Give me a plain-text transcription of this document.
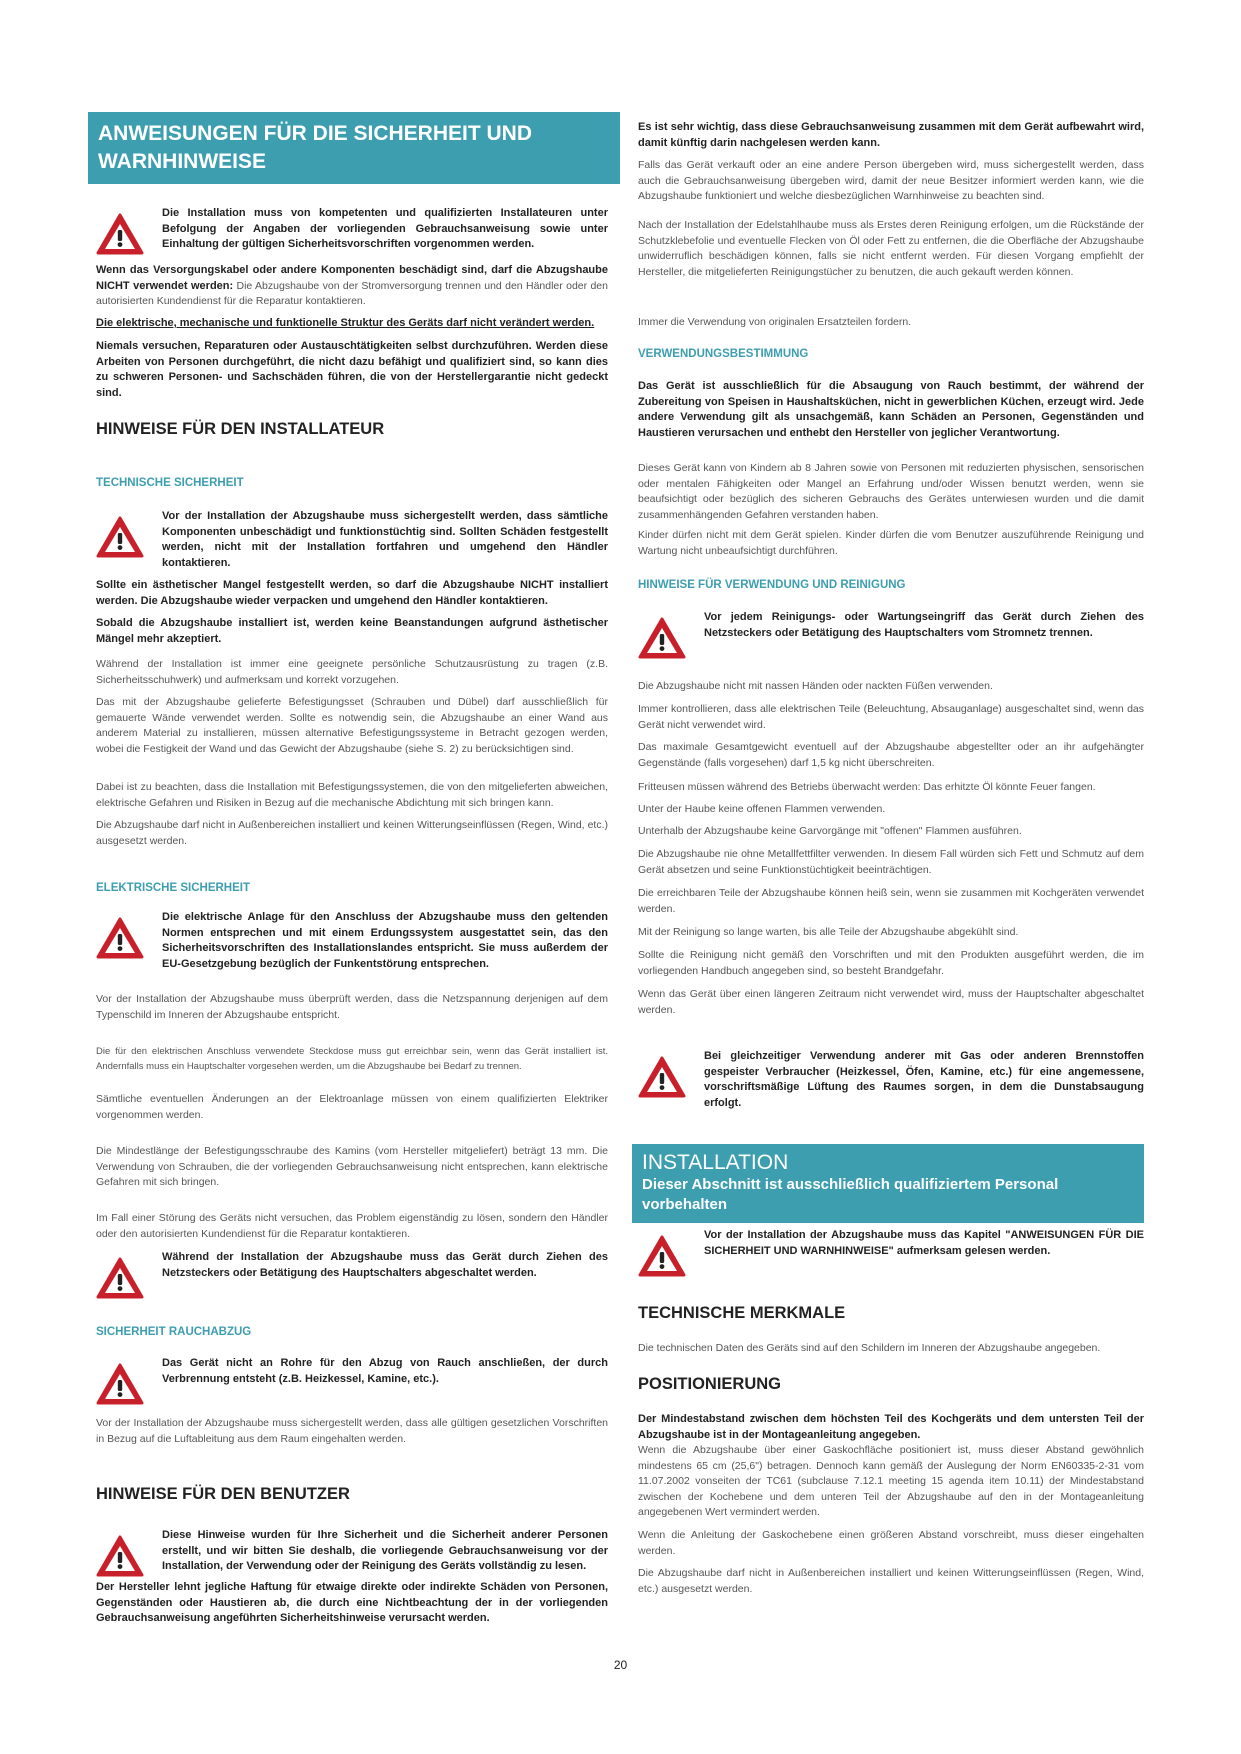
ANWEISUNGEN FÜR DIE SICHERHEIT UND WARNHINWEISE
Die Installation muss von kompetenten und qualifizierten Installateuren unter Befolgung der Angaben der vorliegenden Gebrauchsanweisung sowie unter Einhaltung der gültigen Sicherheitsvorschriften vorgenommen werden.

Wenn das Versorgungskabel oder andere Komponenten beschädigt sind, darf die Abzugshaube NICHT verwendet werden: Die Abzugshaube von der Stromversorgung trennen und den Händler oder den autorisierten Kundendienst für die Reparatur kontaktieren.

Die elektrische, mechanische und funktionelle Struktur des Geräts darf nicht verändert werden.

Niemals versuchen, Reparaturen oder Austauschtätigkeiten selbst durchzuführen. Werden diese Arbeiten von Personen durchgeführt, die nicht dazu befähigt und qualifiziert sind, so kann dies zu schweren Personen- und Sachschäden führen, die von der Herstellergarantie nicht gedeckt sind.

HINWEISE FÜR DEN INSTALLATEUR
TECHNISCHE SICHERHEIT
Vor der Installation der Abzugshaube muss sichergestellt werden, dass sämtliche Komponenten unbeschädigt und funktionstüchtig sind. Sollten Schäden festgestellt werden, nicht mit der Installation fortfahren und umgehend den Händler kontaktieren.

Sollte ein ästhetischer Mangel festgestellt werden, so darf die Abzugshaube NICHT installiert werden. Die Abzugshaube wieder verpacken und umgehend den Händler kontaktieren.

Sobald die Abzugshaube installiert ist, werden keine Beanstandungen aufgrund ästhetischer Mängel mehr akzeptiert.

Während der Installation ist immer eine geeignete persönliche Schutzausrüstung zu tragen (z.B. Sicherheitsschuhwerk) und aufmerksam und korrekt vorzugehen.

Das mit der Abzugshaube gelieferte Befestigungsset (Schrauben und Dübel) darf ausschließlich für gemauerte Wände verwendet werden. Sollte es notwendig sein, die Abzugshaube an einer Wand aus anderem Material zu installieren, müssen alternative Befestigungssysteme in Betracht gezogen werden, wobei die Festigkeit der Wand und das Gewicht der Abzugshaube (siehe S. 2) zu berücksichtigen sind.

Dabei ist zu beachten, dass die Installation mit Befestigungssystemen, die von den mitgelieferten abweichen, elektrische Gefahren und Risiken in Bezug auf die mechanische Abdichtung mit sich bringen kann.

Die Abzugshaube darf nicht in Außenbereichen installiert und keinen Witterungseinflüssen (Regen, Wind, etc.) ausgesetzt werden.

ELEKTRISCHE SICHERHEIT
Die elektrische Anlage für den Anschluss der Abzugshaube muss den geltenden Normen entsprechen und mit einem Erdungssystem ausgestattet sein, das den Sicherheitsvorschriften des Installationslandes entspricht. Sie muss außerdem der EU-Gesetzgebung bezüglich der Funkentstörung entsprechen.

Vor der Installation der Abzugshaube muss überprüft werden, dass die Netzspannung derjenigen auf dem Typenschild im Inneren der Abzugshaube entspricht.

Die für den elektrischen Anschluss verwendete Steckdose muss gut erreichbar sein, wenn das Gerät installiert ist. Andernfalls muss ein Hauptschalter vorgesehen werden, um die Abzugshaube bei Bedarf zu trennen.

Sämtliche eventuellen Änderungen an der Elektroanlage müssen von einem qualifizierten Elektriker vorgenommen werden.

Die Mindestlänge der Befestigungsschraube des Kamins (vom Hersteller mitgeliefert) beträgt 13 mm. Die Verwendung von Schrauben, die der vorliegenden Gebrauchsanweisung nicht entsprechen, kann elektrische Gefahren mit sich bringen.

Im Fall einer Störung des Geräts nicht versuchen, das Problem eigenständig zu lösen, sondern den Händler oder den autorisierten Kundendienst für die Reparatur kontaktieren.

Während der Installation der Abzugshaube muss das Gerät durch Ziehen des Netzsteckers oder Betätigung des Hauptschalters abgeschaltet werden.
SICHERHEIT RAUCHABZUG
Das Gerät nicht an Rohre für den Abzug von Rauch anschließen, der durch Verbrennung entsteht (z.B. Heizkessel, Kamine, etc.).

Vor der Installation der Abzugshaube muss sichergestellt werden, dass alle gültigen gesetzlichen Vorschriften in Bezug auf die Luftableitung aus dem Raum eingehalten werden.

HINWEISE FÜR DEN BENUTZER
Diese Hinweise wurden für Ihre Sicherheit und die Sicherheit anderer Personen erstellt, und wir bitten Sie deshalb, die vorliegende Gebrauchsanweisung vor der Installation, der Verwendung oder der Reinigung des Geräts vollständig zu lesen.

Der Hersteller lehnt jegliche Haftung für etwaige direkte oder indirekte Schäden von Personen, Gegenständen oder Haustieren ab, die durch eine Nichtbeachtung der in der vorliegenden Gebrauchsanweisung angeführten Sicherheitshinweise verursacht werden.

Es ist sehr wichtig, dass diese Gebrauchsanweisung zusammen mit dem Gerät aufbewahrt wird, damit künftig darin nachgelesen werden kann.

Falls das Gerät verkauft oder an eine andere Person übergeben wird, muss sichergestellt werden, dass auch die Gebrauchsanweisung übergeben wird, damit der neue Besitzer informiert werden kann, wie die Abzugshaube funktioniert und welche diesbezüglichen Warnhinweise zu beachten sind.

Nach der Installation der Edelstahlhaube muss als Erstes deren Reinigung erfolgen, um die Rückstände der Schutzklebefolie und eventuelle Flecken von Öl oder Fett zu entfernen, die die Oberfläche der Abzugshaube unwiderruflich beschädigen können, falls sie nicht entfernt werden. Für diesen Vorgang empfiehlt der Hersteller, die mitgelieferten Reinigungstücher zu benutzen, die auch gekauft werden können.

Immer die Verwendung von originalen Ersatzteilen fordern.

VERWENDUNGSBESTIMMUNG

Das Gerät ist ausschließlich für die Absaugung von Rauch bestimmt, der während der Zubereitung von Speisen in Haushaltsküchen, nicht in gewerblichen Küchen, erzeugt wird. Jede andere Verwendung gilt als unsachgemäß, kann Schäden an Personen, Gegenständen und Haustieren verursachen und enthebt den Hersteller von jeglicher Verantwortung.

Dieses Gerät kann von Kindern ab 8 Jahren sowie von Personen mit reduzierten physischen, sensorischen oder mentalen Fähigkeiten oder Mangel an Erfahrung und/oder Wissen benutzt werden, wenn sie beaufsichtigt oder bezüglich des sicheren Gebrauchs des Gerätes unterwiesen wurden und die damit zusammenhängenden Gefahren verstanden haben.

Kinder dürfen nicht mit dem Gerät spielen. Kinder dürfen die vom Benutzer auszuführende Reinigung und Wartung nicht unbeaufsichtigt durchführen.

HINWEISE FÜR VERWENDUNG UND REINIGUNG
Vor jedem Reinigungs- oder Wartungseingriff das Gerät durch Ziehen des Netzsteckers oder Betätigung des Hauptschalters vom Stromnetz trennen.

Die Abzugshaube nicht mit nassen Händen oder nackten Füßen verwenden.

Immer kontrollieren, dass alle elektrischen Teile (Beleuchtung, Absauganlage) ausgeschaltet sind, wenn das Gerät nicht verwendet wird.

Das maximale Gesamtgewicht eventuell auf der Abzugshaube abgestellter oder an ihr aufgehängter Gegenstände (falls vorgesehen) darf 1,5 kg nicht überschreiten.

Fritteusen müssen während des Betriebs überwacht werden: Das erhitzte Öl könnte Feuer fangen.

Unter der Haube keine offenen Flammen verwenden.

Unterhalb der Abzugshaube keine Garvorgänge mit "offenen" Flammen ausführen.

Die Abzugshaube nie ohne Metallfettfilter verwenden. In diesem Fall würden sich Fett und Schmutz auf dem Gerät absetzen und seine Funktionstüchtigkeit beeinträchtigen.

Die erreichbaren Teile der Abzugshaube können heiß sein, wenn sie zusammen mit Kochgeräten verwendet werden.

Mit der Reinigung so lange warten, bis alle Teile der Abzugshaube abgekühlt sind.

Sollte die Reinigung nicht gemäß den Vorschriften und mit den Produkten ausgeführt werden, die im vorliegenden Handbuch angegeben sind, so besteht Brandgefahr.

Wenn das Gerät über einen längeren Zeitraum nicht verwendet wird, muss der Hauptschalter abgeschaltet werden.

Bei gleichzeitiger Verwendung anderer mit Gas oder anderen Brennstoffen gespeister Verbraucher (Heizkessel, Öfen, Kamine, etc.) für eine angemessene, vorschriftsmäßige Lüftung des Raumes sorgen, in dem die Dunstabsaugung erfolgt.
INSTALLATION
Dieser Abschnitt ist ausschließlich qualifiziertem Personal vorbehalten
Vor der Installation der Abzugshaube muss das Kapitel "ANWEISUNGEN FÜR DIE SICHERHEIT UND WARNHINWEISE" aufmerksam gelesen werden.
TECHNISCHE MERKMALE

Die technischen Daten des Geräts sind auf den Schildern im Inneren der Abzugshaube angegeben.

POSITIONIERUNG

Der Mindestabstand zwischen dem höchsten Teil des Kochgeräts und dem untersten Teil der Abzugshaube ist in der Montageanleitung angegeben.

Wenn die Abzugshaube über einer Gaskochfläche positioniert ist, muss dieser Abstand gewöhnlich mindestens 65 cm (25,6") betragen. Dennoch kann gemäß der Auslegung der Norm EN60335-2-31 vom 11.07.2002 vonseiten der TC61 (subclause 7.12.1 meeting 15 agenda item 10.11) der Mindestabstand zwischen der Kochebene und dem unteren Teil der Abzugshaube auf den in der Montageanleitung angegebenen Wert vermindert werden.

Wenn die Anleitung der Gaskochebene einen größeren Abstand vorschreibt, muss dieser eingehalten werden.

Die Abzugshaube darf nicht in Außenbereichen installiert und keinen Witterungseinflüssen (Regen, Wind, etc.) ausgesetzt werden.

20
